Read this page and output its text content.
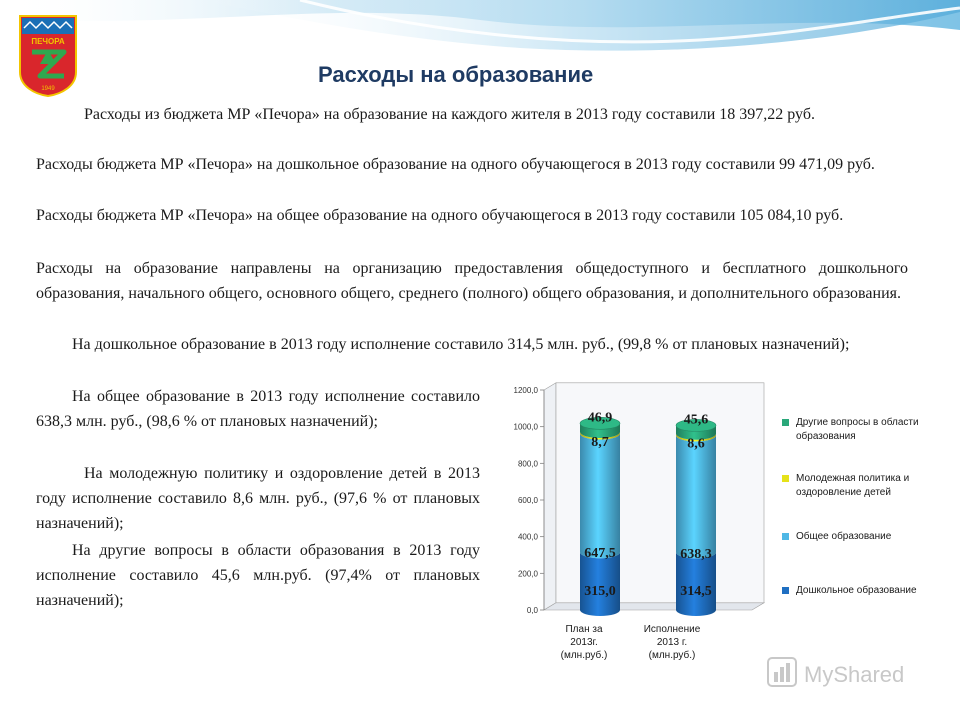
ПЕЧОРА
1949
Расходы на образование

Расходы из бюджета МР «Печора» на образование на каждого жителя в 2013 году составили 18 397,22 руб.

Расходы бюджета МР «Печора» на дошкольное образование на одного обучающегося в 2013 году составили 99 471,09 руб.

Расходы бюджета МР «Печора» на общее образование на одного обучающегося в 2013 году составили 105 084,10 руб.

Расходы на образование направлены на организацию предоставления общедоступного и бесплатного дошкольного образования, начального общего, основного общего, среднего (полного) общего образования, и дополнительного образования.

На дошкольное образование в 2013 году исполнение составило 314,5 млн. руб., (99,8 % от плановых назначений);

На общее образование в 2013 году исполнение составило 638,3 млн. руб., (98,6 % от плановых назначений);

На молодежную политику и оздоровление детей в 2013 году исполнение составило 8,6 млн. руб., (97,6 % от плановых назначений);

На другие вопросы в области образования в 2013 году исполнение составило 45,6 млн.руб. (97,4% от плановых назначений);

0,0
200,0
400,0
600,0
800,0
1000,0
1200,0
315,0
647,5
8,7
46,9
314,5
638,3
8,6
45,6
План за
2013г.
(млн.руб.)
Исполнение
2013 г.
(млн.руб.)
Другие вопросы в области образования
Молодежная политика и оздоровление детей
Общее образование
Дошкольное образование
MyShared
